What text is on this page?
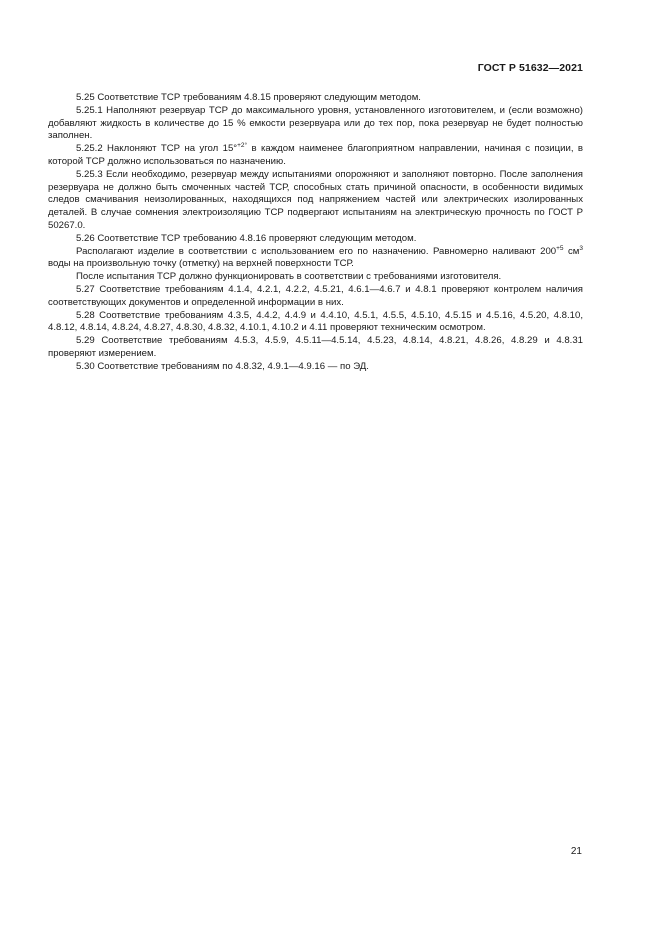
ГОСТ Р 51632—2021

5.25 Соответствие ТСР требованиям 4.8.15 проверяют следующим методом.

5.25.1 Наполняют резервуар ТСР до максимального уровня, установленного изготовителем, и (если возможно) добавляют жидкость в количестве до 15 % емкости резервуара или до тех пор, пока резервуар не будет полностью заполнен.

5.25.2 Наклоняют ТСР на угол 15°$^{+2^\circ}$ в каждом наименее благоприятном направлении, начиная с позиции, в которой ТСР должно использоваться по назначению.

5.25.3 Если необходимо, резервуар между испытаниями опорожняют и заполняют повторно. После заполнения резервуара не должно быть смоченных частей ТСР, способных стать причиной опасности, в особенности видимых следов смачивания неизолированных, находящихся под напряжением частей или электрических изолированных деталей. В случае сомнения электроизоляцию ТСР подвергают испытаниям на электрическую прочность по ГОСТ Р 50267.0.

5.26 Соответствие ТСР требованию 4.8.16 проверяют следующим методом.

Располагают изделие в соответствии с использованием его по назначению. Равномерно наливают $200^{+5}$ $см^3$ воды на произвольную точку (отметку) на верхней поверхности ТСР.

После испытания ТСР должно функционировать в соответствии с требованиями изготовителя.

5.27 Соответствие требованиям 4.1.4, 4.2.1, 4.2.2, 4.5.21, 4.6.1—4.6.7 и 4.8.1 проверяют контролем наличия соответствующих документов и определенной информации в них.

5.28 Соответствие требованиям 4.3.5, 4.4.2, 4.4.9 и 4.4.10, 4.5.1, 4.5.5, 4.5.10, 4.5.15 и 4.5.16, 4.5.20, 4.8.10, 4.8.12, 4.8.14, 4.8.24, 4.8.27, 4.8.30, 4.8.32, 4.10.1, 4.10.2 и 4.11 проверяют техническим осмотром.

5.29 Соответствие требованиям 4.5.3, 4.5.9, 4.5.11—4.5.14, 4.5.23, 4.8.14, 4.8.21, 4.8.26, 4.8.29 и 4.8.31 проверяют измерением.

5.30 Соответствие требованиям по 4.8.32, 4.9.1—4.9.16 — по ЭД.

21
